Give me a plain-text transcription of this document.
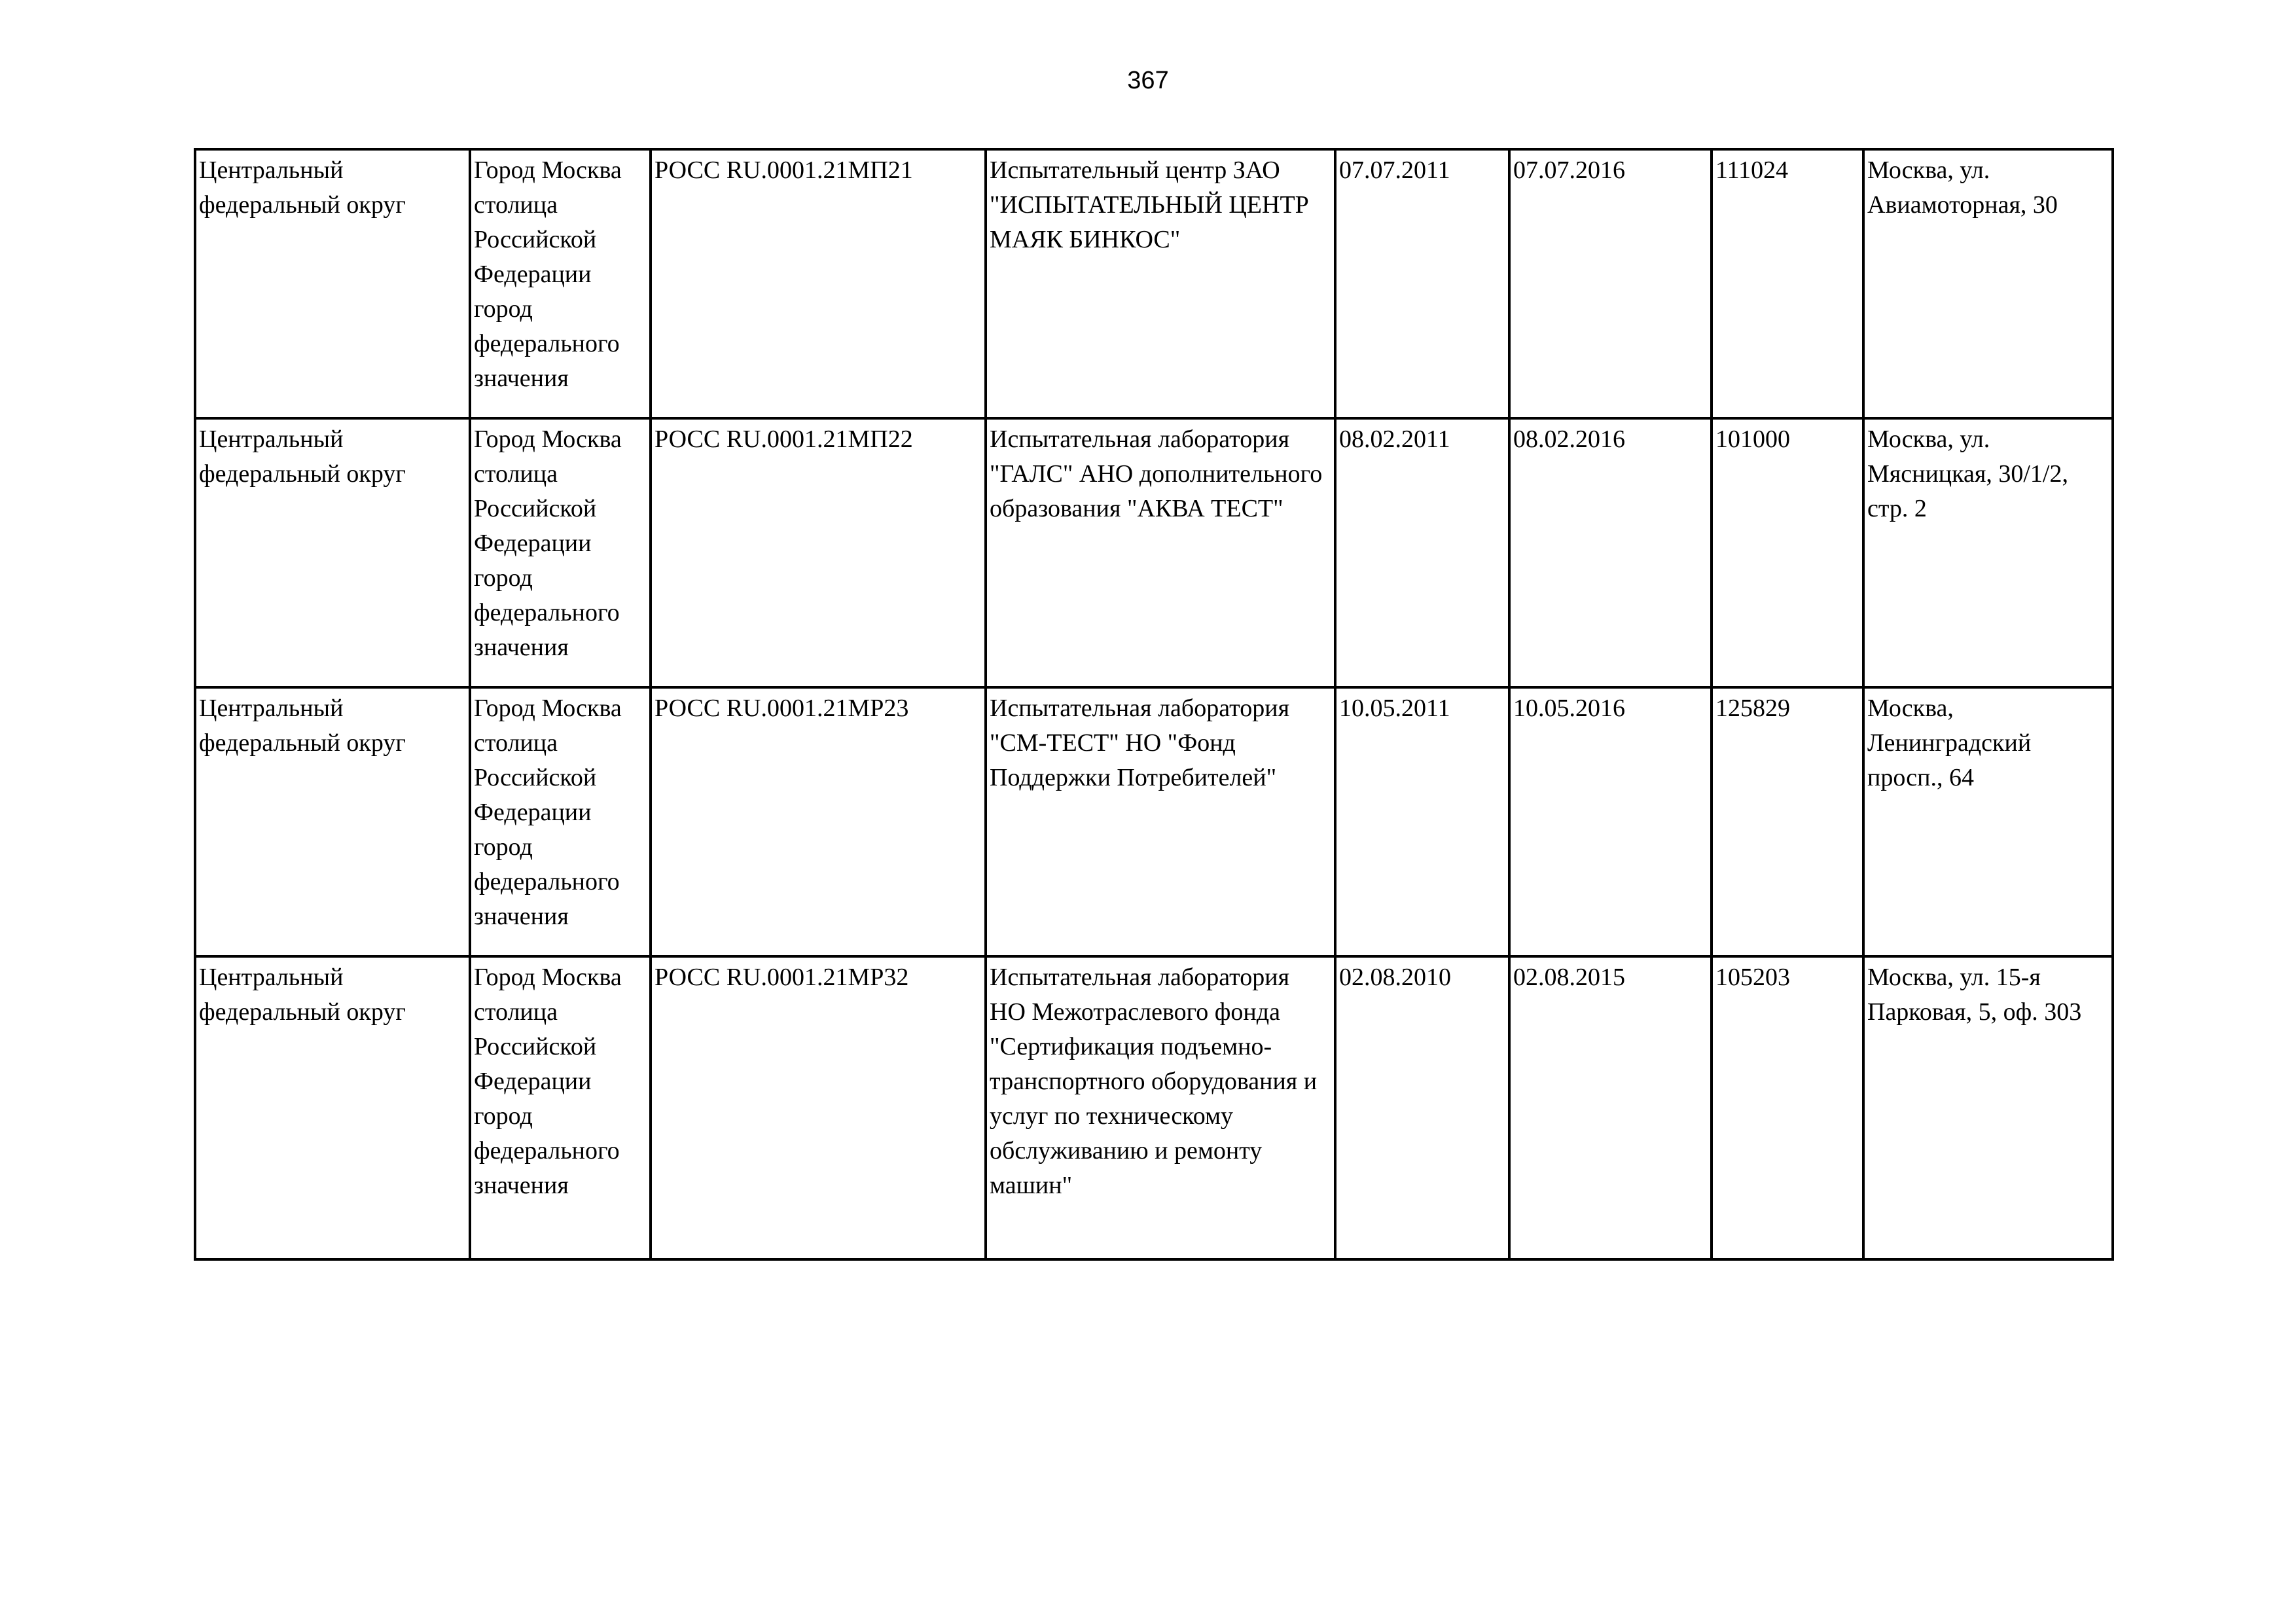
367
Центральный федеральный округ	Город Москва столица Российской Федерации город федерального значения	РОСС RU.0001.21МП21	Испытательный центр ЗАО "ИСПЫТАТЕЛЬНЫЙ ЦЕНТР МАЯК БИНКОС"	07.07.2011	07.07.2016	111024	Москва, ул. Авиамоторная, 30

Центральный федеральный округ	Город Москва столица Российской Федерации город федерального значения	РОСС RU.0001.21МП22	Испытательная лаборатория "ГАЛС" АНО дополнительного образования "АКВА ТЕСТ"	08.02.2011	08.02.2016	101000	Москва, ул. Мясницкая, 30/1/2, стр. 2

Центральный федеральный округ	Город Москва столица Российской Федерации город федерального значения	РОСС RU.0001.21МР23	Испытательная лаборатория "СМ-ТЕСТ" НО "Фонд Поддержки Потребителей"	10.05.2011	10.05.2016	125829	Москва, Ленинградский просп., 64

Центральный федеральный округ	Город Москва столица Российской Федерации город федерального значения	РОСС RU.0001.21МР32	Испытательная лаборатория НО Межотраслевого фонда "Сертификация подъемно-транспортного оборудования и услуг по техническому обслуживанию и ремонту машин"	02.08.2010	02.08.2015	105203	Москва, ул. 15-я Парковая, 5, оф. 303
